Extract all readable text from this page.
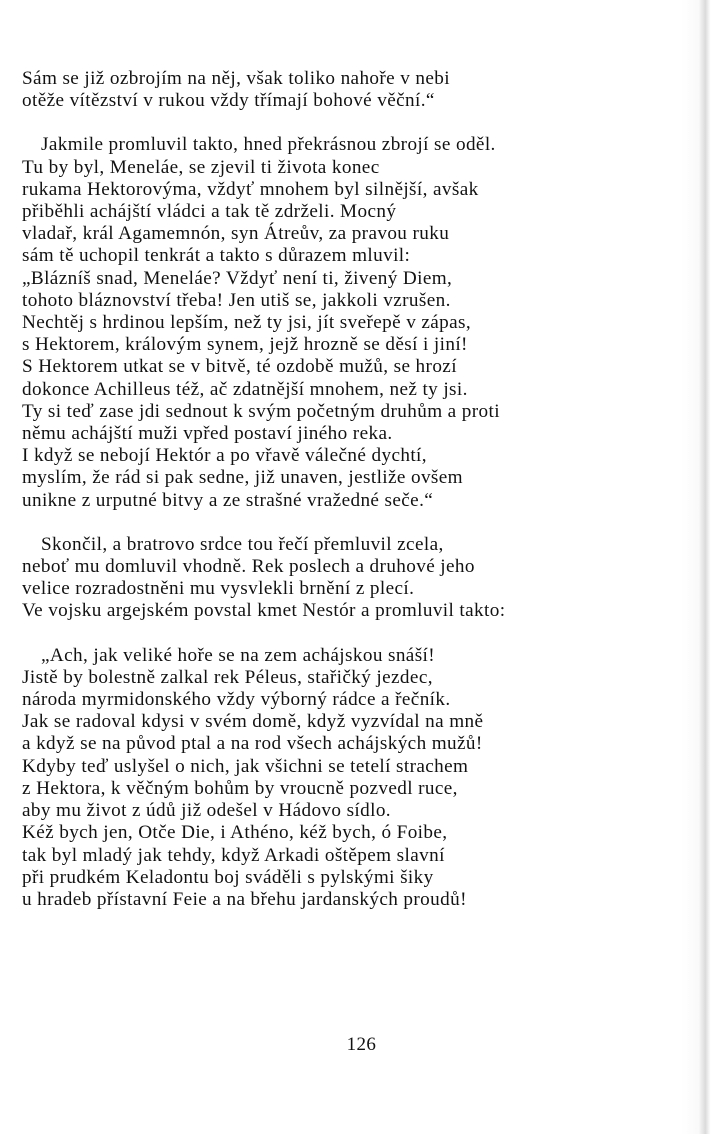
Sám se již ozbrojím na něj, však toliko nahoře v nebi
otěže vítězství v rukou vždy třímají bohové věční.“
Jakmile promluvil takto, hned překrásnou zbrojí se oděl.
Tu by byl, Meneláe, se zjevil ti života konec
rukama Hektorovýma, vždyť mnohem byl silnější, avšak
přiběhli achájští vládci a tak tě zdrželi. Mocný
vladař, král Agamemnón, syn Átreův, za pravou ruku
sám tě uchopil tenkrát a takto s důrazem mluvil:
„Blázníš snad, Meneláe? Vždyť není ti, živený Diem,
tohoto bláznovství třeba! Jen utiš se, jakkoli vzrušen.
Nechtěj s hrdinou lepším, než ty jsi, jít sveřepě v zápas,
s Hektorem, královým synem, jejž hrozně se děsí i jiní!
S Hektorem utkat se v bitvě, té ozdobě mužů, se hrozí
dokonce Achilleus též, ač zdatnější mnohem, než ty jsi.
Ty si teď zase jdi sednout k svým početným druhům a proti
němu achájští muži vpřed postaví jiného reka.
I když se nebojí Hektór a po vřavě válečné dychtí,
myslím, že rád si pak sedne, již unaven, jestliže ovšem
unikne z urputné bitvy a ze strašné vražedné seče.“
Skončil, a bratrovo srdce tou řečí přemluvil zcela,
neboť mu domluvil vhodně. Rek poslech a druhové jeho
velice rozradostněni mu vysvlekli brnění z plecí.
Ve vojsku argejském povstal kmet Nestór a promluvil takto:
„Ach, jak veliké hoře se na zem achájskou snáší!
Jistě by bolestně zalkal rek Péleus, stařičký jezdec,
národa myrmidonského vždy výborný rádce a řečník.
Jak se radoval kdysi v svém domě, když vyzvídal na mně
a když se na původ ptal a na rod všech achájských mužů!
Kdyby teď uslyšel o nich, jak všichni se tetelí strachem
z Hektora, k věčným bohům by vroucně pozvedl ruce,
aby mu život z údů již odešel v Hádovo sídlo.
Kéž bych jen, Otče Die, i Athéno, kéž bych, ó Foibe,
tak byl mladý jak tehdy, když Arkadi oštěpem slavní
při prudkém Keladontu boj sváděli s pylskými šiky
u hradeb přístavní Feie a na břehu jardanských proudů!
126
